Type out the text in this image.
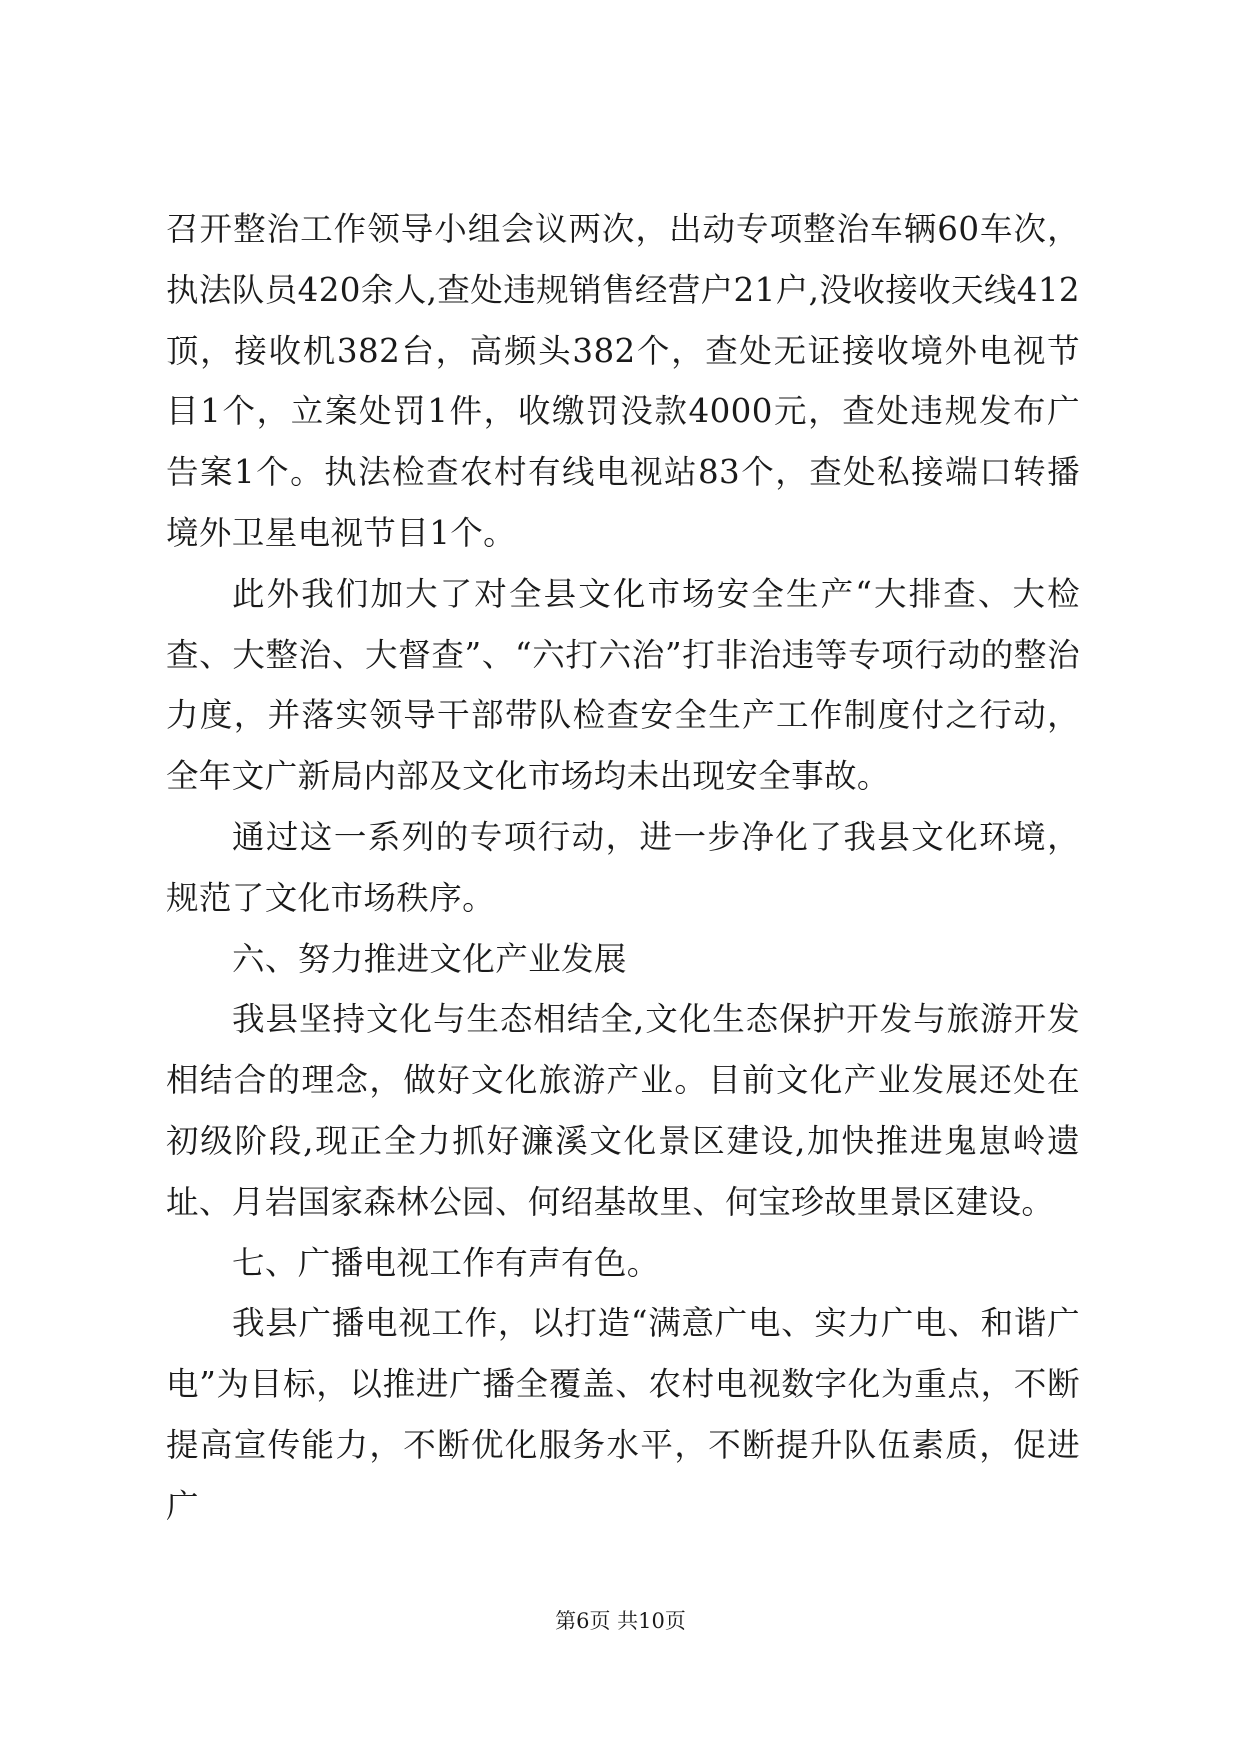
召开整治工作领导小组会议两次，出动专项整治车辆60车次，执法队员420余人,查处违规销售经营户21户,没收接收天线412顶，接收机382台，高频头382个，查处无证接收境外电视节目1个，立案处罚1件，收缴罚没款4000元，查处违规发布广告案1个。执法检查农村有线电视站83个，查处私接端口转播境外卫星电视节目1个。

此外我们加大了对全县文化市场安全生产“大排查、大检查、大整治、大督查”、“六打六治”打非治违等专项行动的整治力度，并落实领导干部带队检查安全生产工作制度付之行动，全年文广新局内部及文化市场均未出现安全事故。

通过这一系列的专项行动，进一步净化了我县文化环境，规范了文化市场秩序。

六、努力推进文化产业发展

我县坚持文化与生态相结全,文化生态保护开发与旅游开发相结合的理念，做好文化旅游产业。目前文化产业发展还处在初级阶段,现正全力抓好濂溪文化景区建设,加快推进鬼崽岭遗址、月岩国家森林公园、何绍基故里、何宝珍故里景区建设。

七、广播电视工作有声有色。

我县广播电视工作，以打造“满意广电、实力广电、和谐广电”为目标，以推进广播全覆盖、农村电视数字化为重点，不断提高宣传能力，不断优化服务水平，不断提升队伍素质，促进广

第6页 共10页
